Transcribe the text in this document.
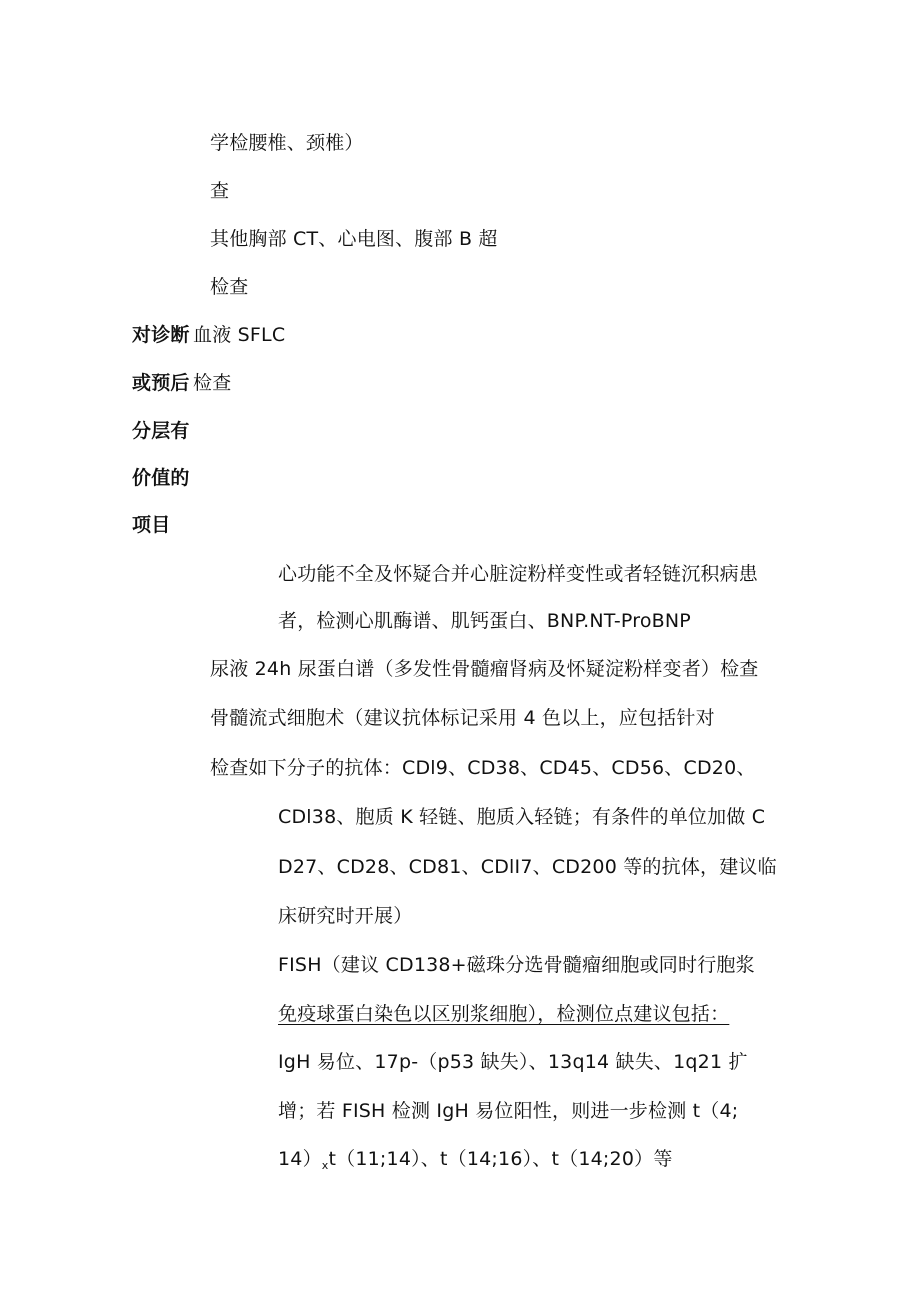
学检腰椎、颈椎）
查
其他胸部 CT、心电图、腹部 B 超
检查
对诊断 血液 SFLC
或预后 检查
分层有
价值的
项目
心功能不全及怀疑合并心脏淀粉样变性或者轻链沉积病患
者，检测心肌酶谱、肌钙蛋白、BNP.NT-ProBNP
尿液 24h 尿蛋白谱（多发性骨髓瘤肾病及怀疑淀粉样变者）检查
骨髓流式细胞术（建议抗体标记采用 4 色以上，应包括针对
检查如下分子的抗体：CDl9、CD38、CD45、CD56、CD20、
CDl38、胞质 K 轻链、胞质入轻链；有条件的单位加做 C
D27、CD28、CD81、CDlI7、CD200 等的抗体，建议临
床研究时开展）
FISH（建议 CD138+磁珠分选骨髓瘤细胞或同时行胞浆
免疫球蛋白染色以区别浆细胞），检测位点建议包括：
IgH 易位、17p-（p53 缺失）、13q14 缺失、1q21 扩
增；若 FISH 检测 IgH 易位阳性，则进一步检测 t（4;
$14)_xt(11;14)$、t（14;16）、t（14;20）等
